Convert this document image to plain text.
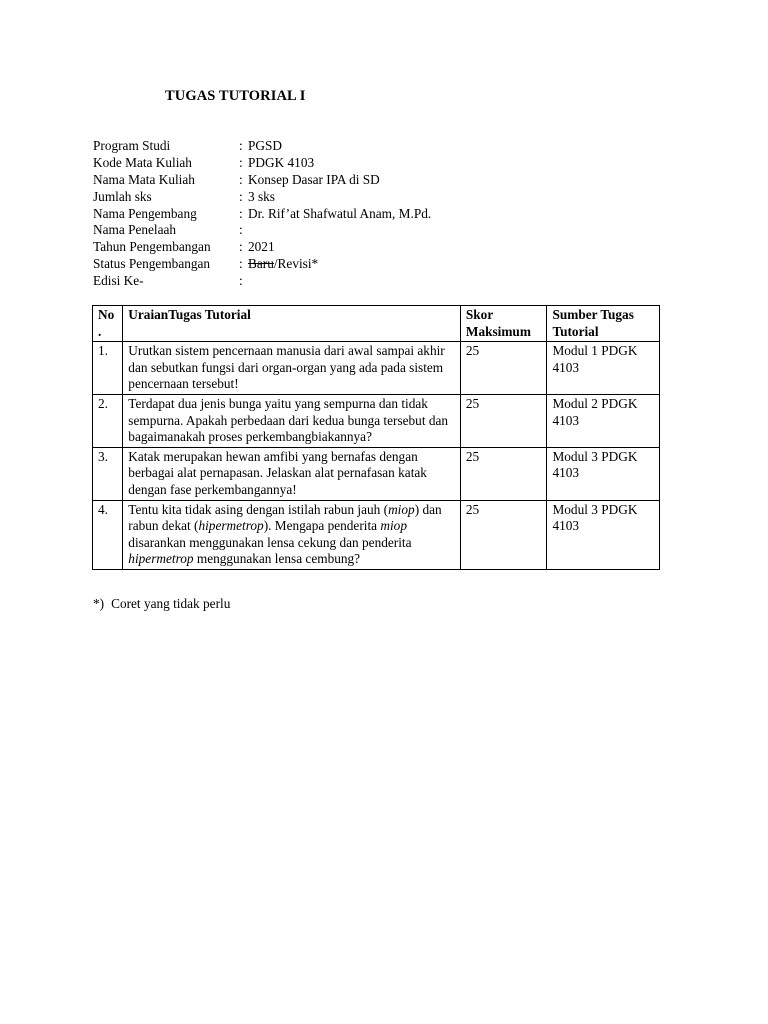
TUGAS TUTORIAL I
Program Studi	: PGSD
Kode Mata Kuliah	: PDGK 4103
Nama Mata Kuliah	: Konsep Dasar IPA di SD
Jumlah sks	: 3 sks
Nama Pengembang	: Dr. Rif’at Shafwatul Anam, M.Pd.
Nama Penelaah	:
Tahun Pengembangan	: 2021
Status Pengembangan	: Baru/Revisi*
Edisi Ke-	:
No .	UraianTugas Tutorial	Skor Maksimum	Sumber Tugas Tutorial
1.	Urutkan sistem pencernaan manusia dari awal sampai akhir dan sebutkan fungsi dari organ-organ yang ada pada sistem pencernaan tersebut!	25	Modul 1 PDGK 4103
2.	Terdapat dua jenis bunga yaitu yang sempurna dan tidak sempurna. Apakah perbedaan dari kedua bunga tersebut dan bagaimanakah proses perkembangbiakannya?	25	Modul 2 PDGK 4103
3.	Katak merupakan hewan amfibi yang bernafas dengan berbagai alat pernapasan. Jelaskan alat pernafasan katak dengan fase perkembangannya!	25	Modul 3 PDGK 4103
4.	Tentu kita tidak asing dengan istilah rabun jauh (miop) dan rabun dekat (hipermetrop). Mengapa penderita miop disarankan menggunakan lensa cekung dan penderita hipermetrop menggunakan lensa cembung?	25	Modul 3 PDGK 4103
*) Coret yang tidak perlu
